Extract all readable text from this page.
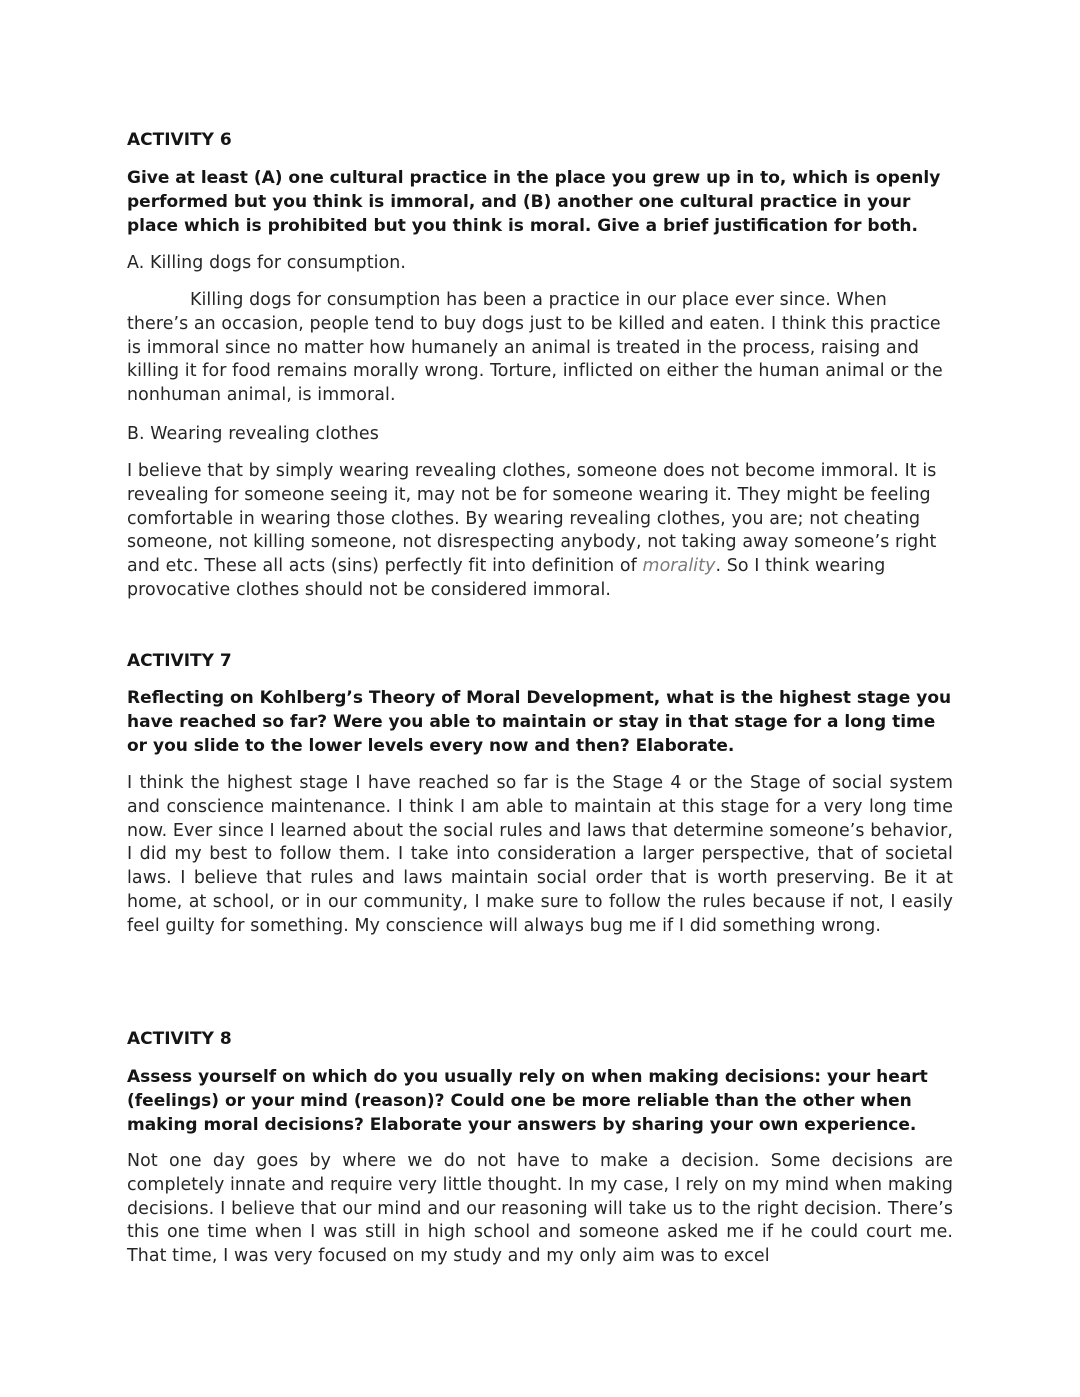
ACTIVITY 6

Give at least (A) one cultural practice in the place you grew up in to, which is openly performed but you think is immoral, and (B) another one cultural practice in your place which is prohibited but you think is moral. Give a brief justification for both.

A. Killing dogs for consumption.

Killing dogs for consumption has been a practice in our place ever since. When there’s an occasion, people tend to buy dogs just to be killed and eaten. I think this practice is immoral since no matter how humanely an animal is treated in the process, raising and killing it for food remains morally wrong. Torture, inflicted on either the human animal or the nonhuman animal, is immoral.

B. Wearing revealing clothes

I believe that by simply wearing revealing clothes, someone does not become immoral. It is revealing for someone seeing it, may not be for someone wearing it. They might be feeling comfortable in wearing those clothes. By wearing revealing clothes, you are; not cheating someone, not killing someone, not disrespecting anybody, not taking away someone’s right and etc. These all acts (sins) perfectly fit into definition of morality. So I think wearing provocative clothes should not be considered immoral.

ACTIVITY 7

Reflecting on Kohlberg’s Theory of Moral Development, what is the highest stage you have reached so far? Were you able to maintain or stay in that stage for a long time or you slide to the lower levels every now and then? Elaborate.

I think the highest stage I have reached so far is the Stage 4 or the Stage of social system and conscience maintenance. I think I am able to maintain at this stage for a very long time now. Ever since I learned about the social rules and laws that determine someone’s behavior, I did my best to follow them. I take into consideration a larger perspective, that of societal laws. I believe that rules and laws maintain social order that is worth preserving. Be it at home, at school, or in our community, I make sure to follow the rules because if not, I easily feel guilty for something. My conscience will always bug me if I did something wrong.

ACTIVITY 8

Assess yourself on which do you usually rely on when making decisions: your heart (feelings) or your mind (reason)? Could one be more reliable than the other when making moral decisions? Elaborate your answers by sharing your own experience.

Not one day goes by where we do not have to make a decision. Some decisions are completely innate and require very little thought. In my case, I rely on my mind when making decisions. I believe that our mind and our reasoning will take us to the right decision. There’s this one time when I was still in high school and someone asked me if he could court me. That time, I was very focused on my study and my only aim was to excel
